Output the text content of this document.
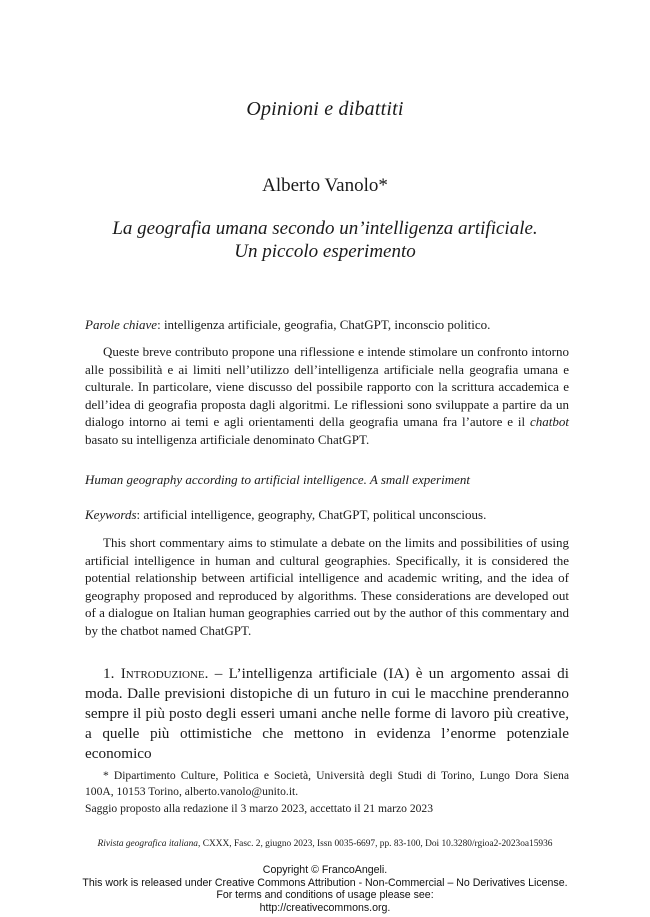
Opinioni e dibattiti
Alberto Vanolo*
La geografia umana secondo un’intelligenza artificiale.
Un piccolo esperimento
Parole chiave: intelligenza artificiale, geografia, ChatGPT, inconscio politico.
Queste breve contributo propone una riflessione e intende stimolare un confronto intorno alle possibilità e ai limiti nell’utilizzo dell’intelligenza artificiale nella geografia umana e culturale. In particolare, viene discusso del possibile rapporto con la scrittura accademica e dell’idea di geografia proposta dagli algoritmi. Le riflessioni sono sviluppate a partire da un dialogo intorno ai temi e agli orientamenti della geografia umana fra l’autore e il chatbot basato su intelligenza artificiale denominato ChatGPT.
Human geography according to artificial intelligence. A small experiment
Keywords: artificial intelligence, geography, ChatGPT, political unconscious.
This short commentary aims to stimulate a debate on the limits and possibilities of using artificial intelligence in human and cultural geographies. Specifically, it is considered the potential relationship between artificial intelligence and academic writing, and the idea of geography proposed and reproduced by algorithms. These considerations are developed out of a dialogue on Italian human geographies carried out by the author of this commentary and by the chatbot named ChatGPT.
1. Introduzione. – L’intelligenza artificiale (IA) è un argomento assai di moda. Dalle previsioni distopiche di un futuro in cui le macchine prenderanno sempre il più posto degli esseri umani anche nelle forme di lavoro più creative, a quelle più ottimistiche che mettono in evidenza l’enorme potenziale economico
* Dipartimento Culture, Politica e Società, Università degli Studi di Torino, Lungo Dora Siena 100A, 10153 Torino, alberto.vanolo@unito.it.
Saggio proposto alla redazione il 3 marzo 2023, accettato il 21 marzo 2023
Rivista geografica italiana, CXXX, Fasc. 2, giugno 2023, Issn 0035-6697, pp. 83-100, Doi 10.3280/rgioa2-2023oa15936
Copyright © FrancoAngeli.
This work is released under Creative Commons Attribution - Non-Commercial – No Derivatives License.
For terms and conditions of usage please see:
http://creativecommons.org.
